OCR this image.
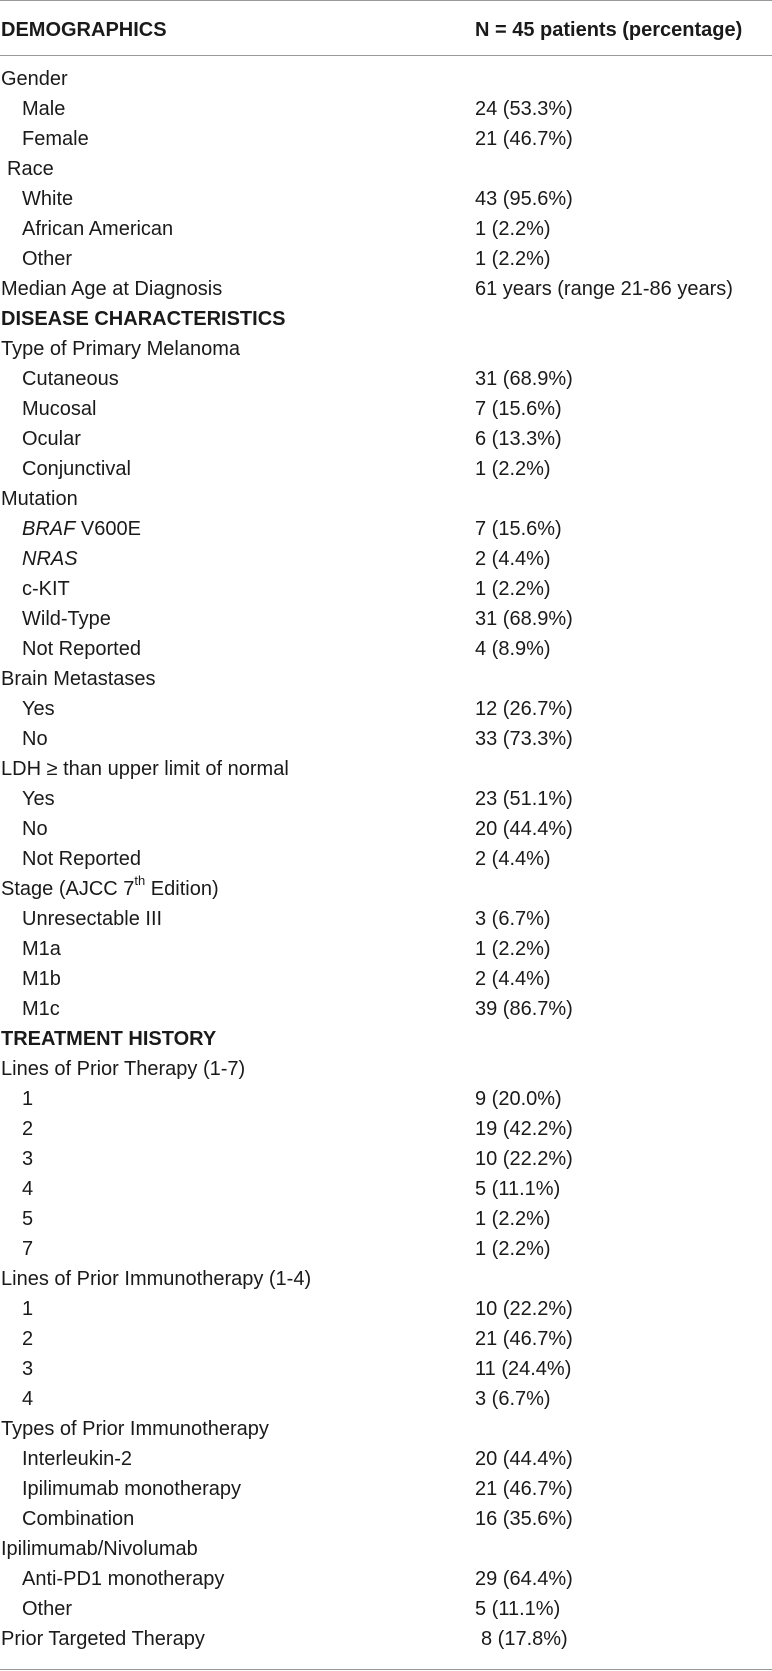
DEMOGRAPHICS	N = 45 patients (percentage)
Gender
Male	24 (53.3%)
Female	21 (46.7%)
Race
White	43 (95.6%)
African American	1 (2.2%)
Other	1 (2.2%)
Median Age at Diagnosis	61 years (range 21-86 years)
DISEASE CHARACTERISTICS
Type of Primary Melanoma
Cutaneous	31 (68.9%)
Mucosal	7 (15.6%)
Ocular	6 (13.3%)
Conjunctival	1 (2.2%)
Mutation
BRAF V600E	7 (15.6%)
NRAS	2 (4.4%)
c-KIT	1 (2.2%)
Wild-Type	31 (68.9%)
Not Reported	4 (8.9%)
Brain Metastases
Yes	12 (26.7%)
No	33 (73.3%)
LDH ≥ than upper limit of normal
Yes	23 (51.1%)
No	20 (44.4%)
Not Reported	2 (4.4%)
Stage (AJCC 7th Edition)
Unresectable III	3 (6.7%)
M1a	1 (2.2%)
M1b	2 (4.4%)
M1c	39 (86.7%)
TREATMENT HISTORY
Lines of Prior Therapy (1-7)
1	9 (20.0%)
2	19 (42.2%)
3	10 (22.2%)
4	5 (11.1%)
5	1 (2.2%)
7	1 (2.2%)
Lines of Prior Immunotherapy (1-4)
1	10 (22.2%)
2	21 (46.7%)
3	11 (24.4%)
4	3 (6.7%)
Types of Prior Immunotherapy
Interleukin-2	20 (44.4%)
Ipilimumab monotherapy	21 (46.7%)
Combination	16 (35.6%)
Ipilimumab/Nivolumab
Anti-PD1 monotherapy	29 (64.4%)
Other	5 (11.1%)
Prior Targeted Therapy	8 (17.8%)
